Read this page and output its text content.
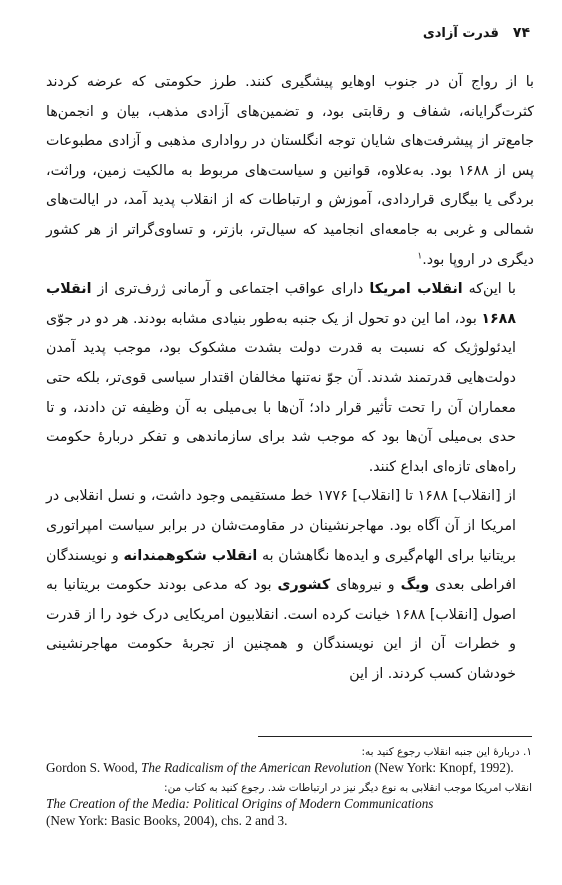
۷۴
قدرت آزادی

با از رواج آن در جنوب اوهایو پیشگیری کنند. طرز حکومتی که عرضه کردند کثرت‌گرایانه، شفاف و رقابتی بود، و تضمین‌های آزادی مذهب، بیان و انجمن‌ها جامع‌تر از پیشرفت‌های شایان توجه انگلستان در رواداری مذهبی و آزادی مطبوعات پس از ۱۶۸۸ بود. به‌علاوه، قوانین و سیاست‌های مربوط به مالکیت زمین، وراثت، بردگی یا بیگاری قراردادی، آموزش و ارتباطات که از انقلاب پدید آمد، در ایالت‌های شمالی و غربی به جامعه‌ای انجامید که سیال‌تر، بازتر، و تساوی‌گراتر از هر کشور دیگری در اروپا بود.$^۱$

با این‌که انقلاب امریکا دارای عواقب اجتماعی و آرمانی ژرف‌تری از انقلاب ۱۶۸۸ بود، اما این دو تحول از یک جنبه به‌طور بنیادی مشابه بودند. هر دو در جوّی ایدئولوژیک که نسبت به قدرت دولت بشدت مشکوک بود، موجب پدید آمدن دولت‌هایی قدرتمند شدند. آن جوّ نه‌تنها مخالفان اقتدار سیاسی قوی‌تر، بلکه حتی معماران آن را تحت تأثیر قرار داد؛ آن‌ها با بی‌میلی به آن وظیفه تن دادند، و تا حدی بی‌میلی آن‌ها بود که موجب شد برای سازماندهی و تفکر دربارهٔ حکومت راه‌های تازه‌ای ابداع کنند.

از [انقلاب] ۱۶۸۸ تا [انقلاب] ۱۷۷۶ خط مستقیمی وجود داشت، و نسل انقلابی در امریکا از آن آگاه بود. مهاجرنشینان در مقاومت‌شان در برابر سیاست امپراتوری بریتانیا برای الهام‌گیری و ایده‌ها نگاهشان به انقلاب شکوهمندانه و نویسندگان افراطی بعدی ویگ و نیروهای کشوری بود که مدعی بودند حکومت بریتانیا به اصول [انقلاب] ۱۶۸۸ خیانت کرده است. انقلابیون امریکایی درک خود را از قدرت و خطرات آن از این نویسندگان و همچنین از تجربهٔ حکومت مهاجرنشینی خودشان کسب کردند. از این

۱. دربارهٔ این جنبه انقلاب رجوع کنید به:
Gordon S. Wood, The Radicalism of the American Revolution (New York: Knopf, 1992).
انقلاب امریکا موجب انقلابی به نوع دیگر نیز در ارتباطات شد. رجوع کنید به کتاب من:
The Creation of the Media: Political Origins of Modern Communications
(New York: Basic Books, 2004), chs. 2 and 3.
